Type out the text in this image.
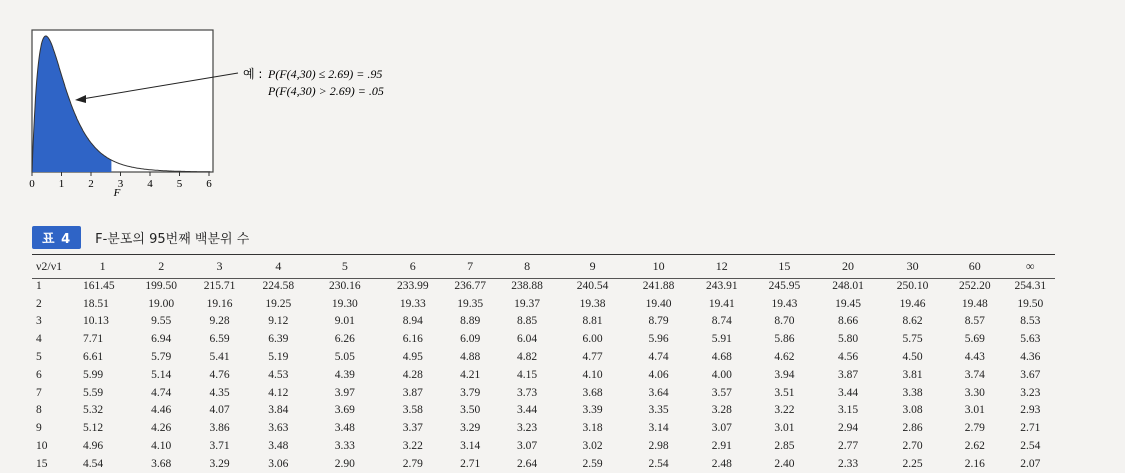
0 1 2 3 4 5 6
F
예 : P(F(4,30) ≤ 2.69) = .95
P(F(4,30) > 2.69) = .05
표 4	F-분포의 95번째 백분위 수
ν2/ν1	1	2	3	4	5	6	7	8	9	10	12	15	20	30	60	∞
1	161.45	199.50	215.71	224.58	230.16	233.99	236.77	238.88	240.54	241.88	243.91	245.95	248.01	250.10	252.20	254.31
2	18.51	19.00	19.16	19.25	19.30	19.33	19.35	19.37	19.38	19.40	19.41	19.43	19.45	19.46	19.48	19.50
3	10.13	9.55	9.28	9.12	9.01	8.94	8.89	8.85	8.81	8.79	8.74	8.70	8.66	8.62	8.57	8.53
4	7.71	6.94	6.59	6.39	6.26	6.16	6.09	6.04	6.00	5.96	5.91	5.86	5.80	5.75	5.69	5.63
5	6.61	5.79	5.41	5.19	5.05	4.95	4.88	4.82	4.77	4.74	4.68	4.62	4.56	4.50	4.43	4.36
6	5.99	5.14	4.76	4.53	4.39	4.28	4.21	4.15	4.10	4.06	4.00	3.94	3.87	3.81	3.74	3.67
7	5.59	4.74	4.35	4.12	3.97	3.87	3.79	3.73	3.68	3.64	3.57	3.51	3.44	3.38	3.30	3.23
8	5.32	4.46	4.07	3.84	3.69	3.58	3.50	3.44	3.39	3.35	3.28	3.22	3.15	3.08	3.01	2.93
9	5.12	4.26	3.86	3.63	3.48	3.37	3.29	3.23	3.18	3.14	3.07	3.01	2.94	2.86	2.79	2.71
10	4.96	4.10	3.71	3.48	3.33	3.22	3.14	3.07	3.02	2.98	2.91	2.85	2.77	2.70	2.62	2.54
15	4.54	3.68	3.29	3.06	2.90	2.79	2.71	2.64	2.59	2.54	2.48	2.40	2.33	2.25	2.16	2.07
